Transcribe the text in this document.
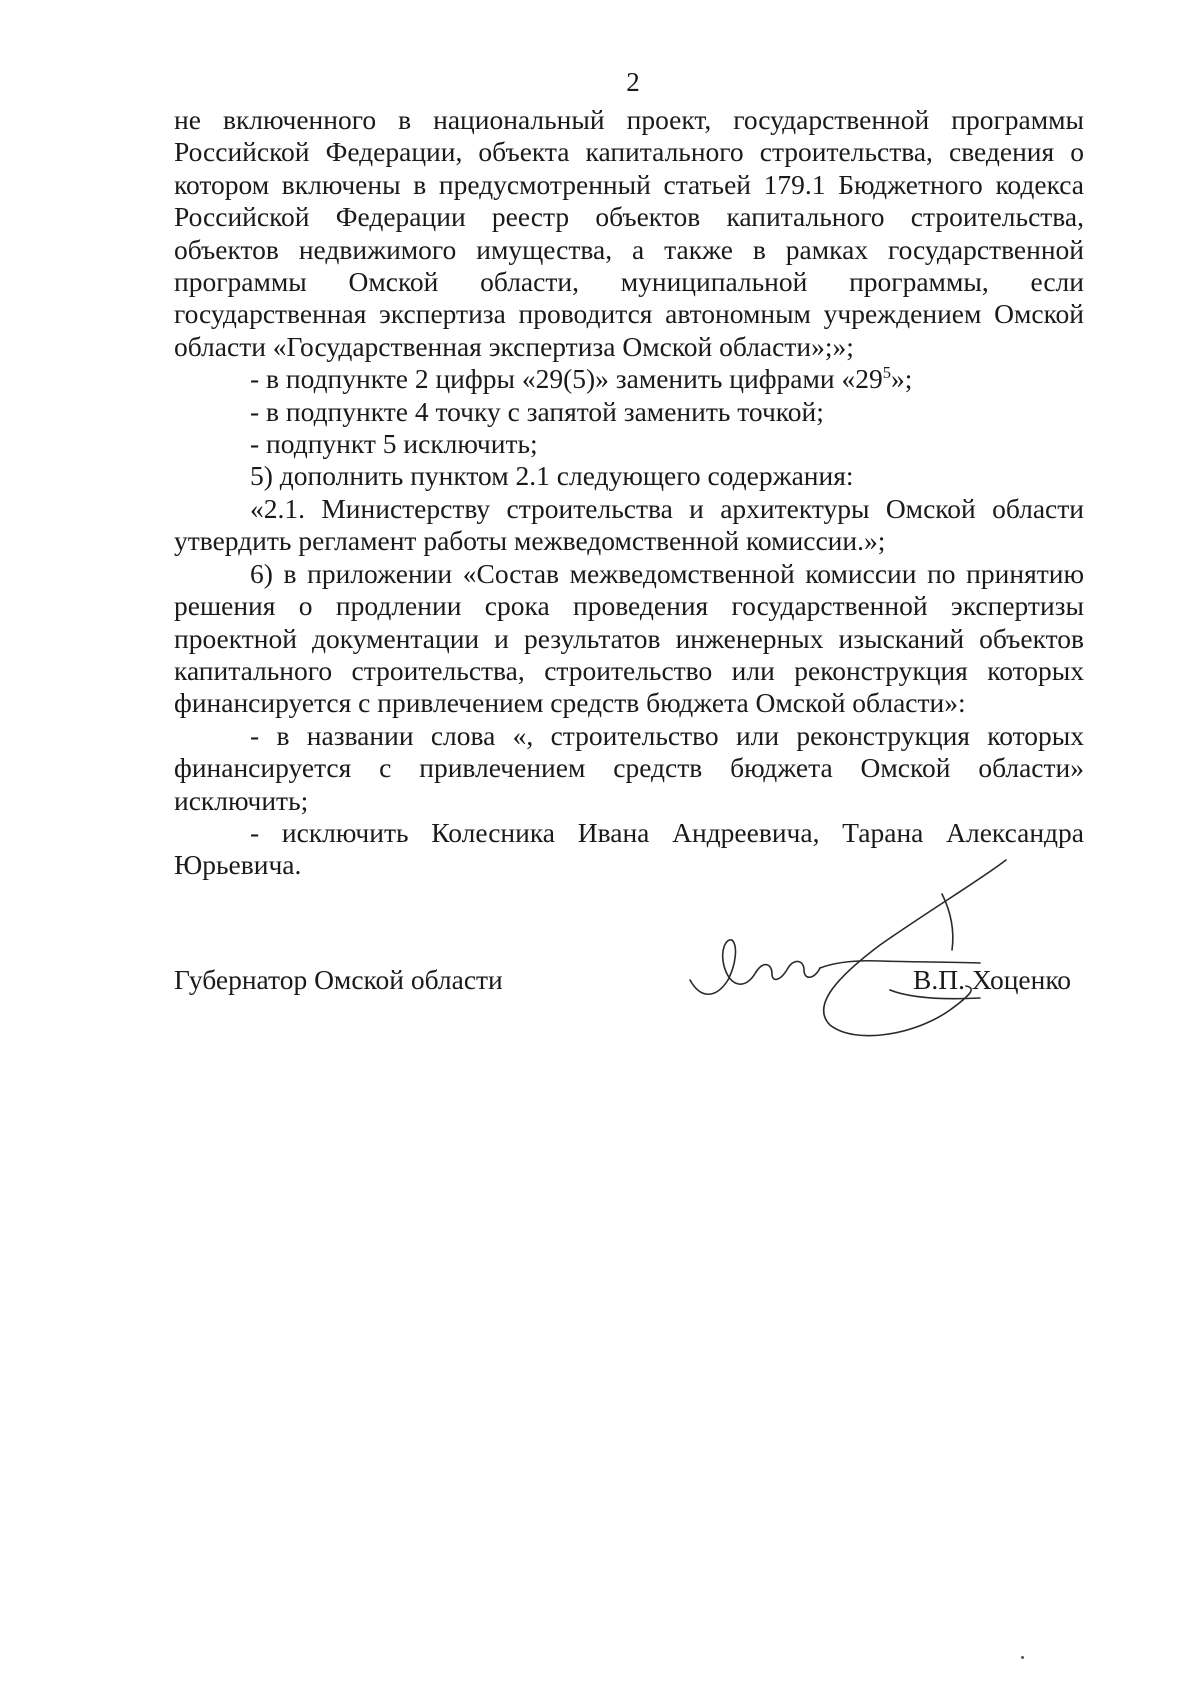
2

не включенного в национальный проект, государственной программы Российской Федерации, объекта капитального строительства, сведения о котором включены в предусмотренный статьей 179.1 Бюджетного кодекса Российской Федерации реестр объектов капитального строительства, объектов недвижимого имущества, а также в рамках государственной программы Омской области, муниципальной программы, если государственная экспертиза проводится автономным учреждением Омской области «Государственная экспертиза Омской области»;»;

- в подпункте 2 цифры «29(5)» заменить цифрами «$29^5$»;

- в подпункте 4 точку с запятой заменить точкой;

- подпункт 5 исключить;

5) дополнить пунктом 2.1 следующего содержания:

«2.1. Министерству строительства и архитектуры Омской области утвердить регламент работы межведомственной комиссии.»;

6) в приложении «Состав межведомственной комиссии по принятию решения о продлении срока проведения государственной экспертизы проектной документации и результатов инженерных изысканий объектов капитального строительства, строительство или реконструкция которых финансируется с привлечением средств бюджета Омской области»:

- в названии слова «, строительство или реконструкция которых финансируется с привлечением средств бюджета Омской области» исключить;

- исключить Колесника Ивана Андреевича, Тарана Александра Юрьевича.

Губернатор Омской области	В.П. Хоценко
